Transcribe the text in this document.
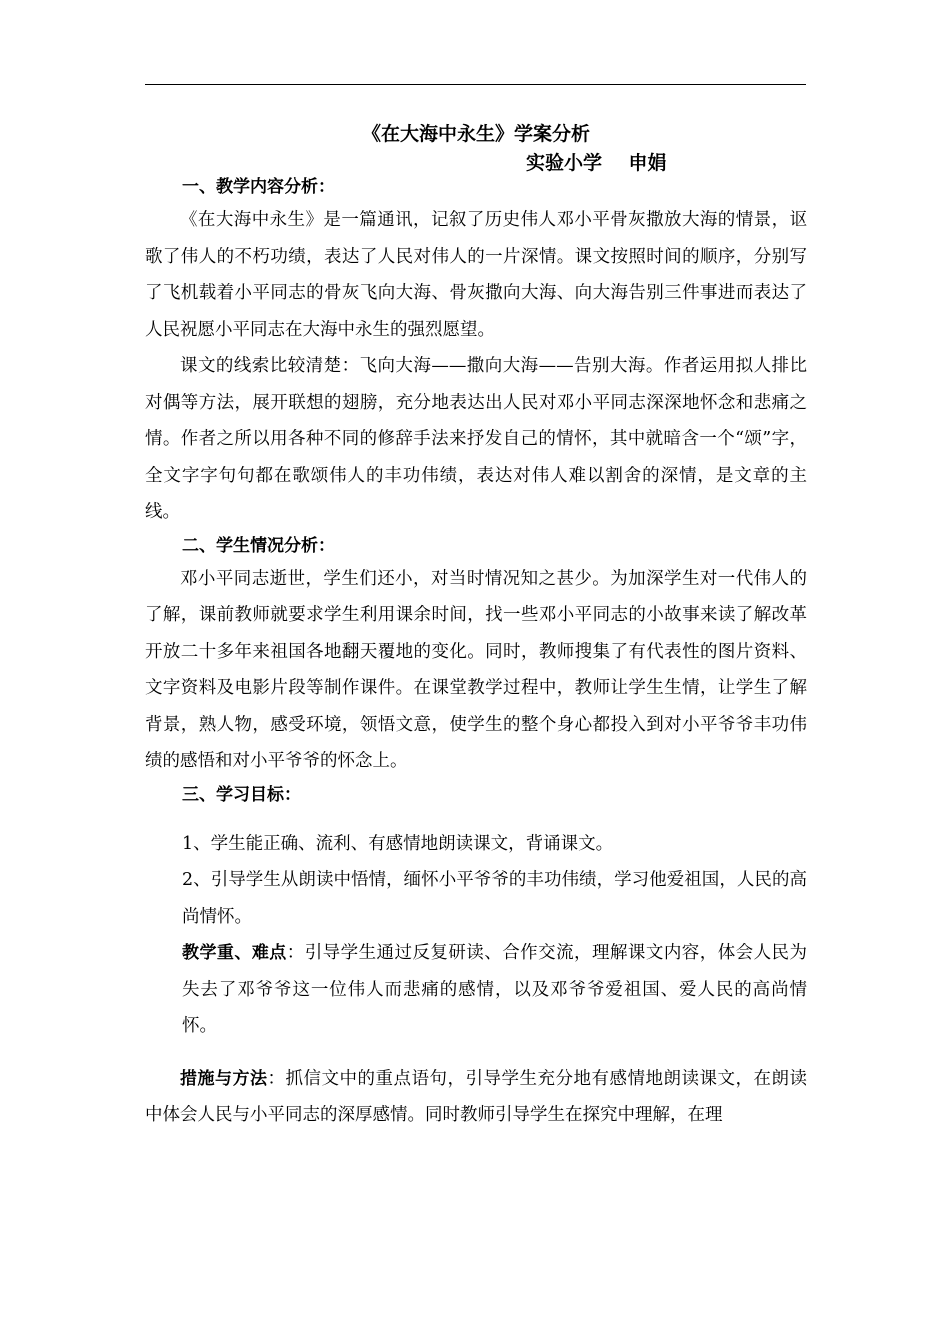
《在大海中永生》学案分析
实验小学    申娟

一、教学内容分析：

《在大海中永生》是一篇通讯，记叙了历史伟人邓小平骨灰撒放大海的情景，讴歌了伟人的不朽功绩，表达了人民对伟人的一片深情。课文按照时间的顺序，分别写了飞机载着小平同志的骨灰飞向大海、骨灰撒向大海、向大海告别三件事进而表达了人民祝愿小平同志在大海中永生的强烈愿望。

课文的线索比较清楚：飞向大海——撒向大海——告别大海。作者运用拟人排比对偶等方法，展开联想的翅膀，充分地表达出人民对邓小平同志深深地怀念和悲痛之情。作者之所以用各种不同的修辞手法来抒发自己的情怀，其中就暗含一个“颂”字，全文字字句句都在歌颂伟人的丰功伟绩，表达对伟人难以割舍的深情，是文章的主线。

二、学生情况分析：

邓小平同志逝世，学生们还小，对当时情况知之甚少。为加深学生对一代伟人的了解，课前教师就要求学生利用课余时间，找一些邓小平同志的小故事来读了解改革开放二十多年来祖国各地翻天覆地的变化。同时，教师搜集了有代表性的图片资料、文字资料及电影片段等制作课件。在课堂教学过程中，教师让学生生情，让学生了解背景，熟人物，感受环境，领悟文意，使学生的整个身心都投入到对小平爷爷丰功伟绩的感悟和对小平爷爷的怀念上。

三、学习目标：

1、学生能正确、流利、有感情地朗读课文，背诵课文。

2、引导学生从朗读中悟情，缅怀小平爷爷的丰功伟绩，学习他爱祖国，人民的高尚情怀。

教学重、难点：引导学生通过反复研读、合作交流，理解课文内容，体会人民为失去了邓爷爷这一位伟人而悲痛的感情，以及邓爷爷爱祖国、爱人民的高尚情怀。

措施与方法：抓信文中的重点语句，引导学生充分地有感情地朗读课文，在朗读中体会人民与小平同志的深厚感情。同时教师引导学生在探究中理解，在理
